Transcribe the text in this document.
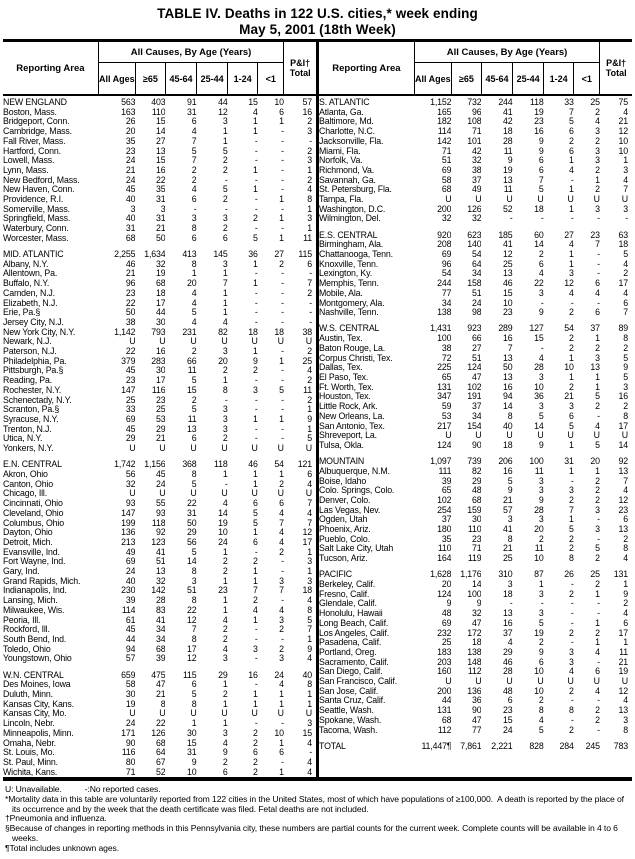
TABLE IV. Deaths in 122 U.S. cities,* week ending
May 5, 2001 (18th Week)
Reporting Area	All Causes, By Age (Years)						P&I†
Total
	All Ages	≥65	45-64	25-44	1-24	<1	
NEW ENGLAND	563	403	91	44	15	10	57
Boston, Mass.	163	110	31	12	4	6	16
Bridgeport, Conn.	26	15	6	3	1	1	2
Cambridge, Mass.	20	14	4	1	1	-	3
Fall River, Mass.	35	27	7	1	-	-	-
Hartford, Conn.	23	13	5	5	-	-	2
Lowell, Mass.	24	15	7	2	-	-	3
Lynn, Mass.	21	16	2	2	1	-	1
New Bedford, Mass.	24	22	2	-	-	-	2
New Haven, Conn.	45	35	4	5	1	-	4
Providence, R.I.	40	31	6	2	-	1	8
Somerville, Mass.	3	3	-	-	-	-	1
Springfield, Mass.	40	31	3	3	2	1	3
Waterbury, Conn.	31	21	8	2	-	-	1
Worcester, Mass.	68	50	6	6	5	1	11

MID. ATLANTIC	2,255	1,634	413	145	36	27	115
Albany, N.Y.	46	32	8	3	1	2	6
Allentown, Pa.	21	19	1	1	-	-	-
Buffalo, N.Y.	96	68	20	7	1	-	7
Camden, N.J.	23	18	4	1	-	-	2
Elizabeth, N.J.	22	17	4	1	-	-	-
Erie, Pa.§	50	44	5	1	-	-	-
Jersey City, N.J.	38	30	4	4	-	-	-
New York City, N.Y.	1,142	793	231	82	18	18	38
Newark, N.J.	U	U	U	U	U	U	U
Paterson, N.J.	22	16	2	3	1	-	2
Philadelphia, Pa.	379	283	66	20	9	1	25
Pittsburgh, Pa.§	45	30	11	2	2	-	4
Reading, Pa.	23	17	5	1	-	-	2
Rochester, N.Y.	147	116	15	8	3	5	11
Schenectady, N.Y.	25	23	2	-	-	-	2
Scranton, Pa.§	33	25	5	3	-	-	1
Syracuse, N.Y.	69	53	11	3	1	1	9
Trenton, N.J.	45	29	13	3	-	-	1
Utica, N.Y.	29	21	6	2	-	-	5
Yonkers, N.Y.	U	U	U	U	U	U	U

E.N. CENTRAL	1,742	1,156	368	118	46	54	121
Akron, Ohio	56	45	8	1	1	1	6
Canton, Ohio	32	24	5	-	1	2	4
Chicago, Ill.	U	U	U	U	U	U	U
Cincinnati, Ohio	93	55	22	4	6	6	7
Cleveland, Ohio	147	93	31	14	5	4	4
Columbus, Ohio	199	118	50	19	5	7	7
Dayton, Ohio	136	92	29	10	1	4	12
Detroit, Mich.	213	123	56	24	6	4	17
Evansville, Ind.	49	41	5	1	-	2	1
Fort Wayne, Ind.	69	51	14	2	2	-	3
Gary, Ind.	24	13	8	2	1	-	1
Grand Rapids, Mich.	40	32	3	1	1	3	3
Indianapolis, Ind.	230	142	51	23	7	7	18
Lansing, Mich.	39	28	8	1	2	-	4
Milwaukee, Wis.	114	83	22	1	4	4	8
Peoria, Ill.	61	41	12	4	1	3	5
Rockford, Ill.	45	34	7	2	-	2	7
South Bend, Ind.	44	34	8	2	-	-	1
Toledo, Ohio	94	68	17	4	3	2	9
Youngstown, Ohio	57	39	12	3	-	3	4

W.N. CENTRAL	659	475	115	29	16	24	40
Des Moines, Iowa	58	47	6	1	-	4	8
Duluth, Minn.	30	21	5	2	1	1	1
Kansas City, Kans.	19	8	8	1	1	1	1
Kansas City, Mo.	U	U	U	U	U	U	U
Lincoln, Nebr.	24	22	1	1	-	-	3
Minneapolis, Minn.	171	126	30	3	2	10	15
Omaha, Nebr.	90	68	15	4	2	1	4
St. Louis, Mo.	116	64	31	9	6	6	-
St. Paul, Minn.	80	67	9	2	2	-	4
Wichita, Kans.	71	52	10	6	2	1	4
Reporting Area	All Causes, By Age (Years)						P&I†
Total
	All Ages	≥65	45-64	25-44	1-24	<1	
S. ATLANTIC	1,152	732	244	118	33	25	75
Atlanta, Ga.	165	96	41	19	7	2	4
Baltimore, Md.	182	108	42	23	5	4	21
Charlotte, N.C.	114	71	18	16	6	3	12
Jacksonville, Fla.	142	101	28	9	2	2	10
Miami, Fla.	71	42	11	9	6	3	10
Norfolk, Va.	51	32	9	6	1	3	1
Richmond, Va.	69	38	19	6	4	2	3
Savannah, Ga.	58	37	13	7	-	1	4
St. Petersburg, Fla.	68	49	11	5	1	2	7
Tampa, Fla.	U	U	U	U	U	U	U
Washington, D.C.	200	126	52	18	1	3	3
Wilmington, Del.	32	32	-	-	-	-	-

E.S. CENTRAL	920	623	185	60	27	23	63
Birmingham, Ala.	208	140	41	14	4	7	18
Chattanooga, Tenn.	69	54	12	2	1	-	5
Knoxville, Tenn.	96	64	25	6	1	-	4
Lexington, Ky.	54	34	13	4	3	-	2
Memphis, Tenn.	244	158	46	22	12	6	17
Mobile, Ala.	77	51	15	3	4	4	4
Montgomery, Ala.	34	24	10	-	-	-	6
Nashville, Tenn.	138	98	23	9	2	6	7

W.S. CENTRAL	1,431	923	289	127	54	37	89
Austin, Tex.	100	66	16	15	2	1	8
Baton Rouge, La.	38	27	7	-	2	2	2
Corpus Christi, Tex.	72	51	13	4	1	3	5
Dallas, Tex.	225	124	50	28	10	13	9
El Paso, Tex.	65	47	13	3	1	1	5
Ft. Worth, Tex.	131	102	16	10	2	1	3
Houston, Tex.	347	191	94	36	21	5	16
Little Rock, Ark.	59	37	14	3	3	2	2
New Orleans, La.	53	34	8	5	6	-	8
San Antonio, Tex.	217	154	40	14	5	4	17
Shreveport, La.	U	U	U	U	U	U	U
Tulsa, Okla.	124	90	18	9	1	5	14

MOUNTAIN	1,097	739	206	100	31	20	92
Albuquerque, N.M.	111	82	16	11	1	1	13
Boise, Idaho	39	29	5	3	-	2	7
Colo. Springs, Colo.	65	48	9	3	3	2	4
Denver, Colo.	102	68	21	9	2	2	12
Las Vegas, Nev.	254	159	57	28	7	3	23
Ogden, Utah	37	30	3	3	1	-	6
Phoenix, Ariz.	180	110	41	20	5	3	13
Pueblo, Colo.	35	23	8	2	2	-	2
Salt Lake City, Utah	110	71	21	11	2	5	8
Tucson, Ariz.	164	119	25	10	8	2	4

PACIFIC	1,628	1,176	310	87	26	25	131
Berkeley, Calif.	20	14	3	1	-	2	1
Fresno, Calif.	124	100	18	3	2	1	9
Glendale, Calif.	9	9	-	-	-	-	2
Honolulu, Hawaii	48	32	13	3	-	-	4
Long Beach, Calif.	69	47	16	5	-	1	6
Los Angeles, Calif.	232	172	37	19	2	2	17
Pasadena, Calif.	25	18	4	2	-	1	1
Portland, Oreg.	183	138	29	9	3	4	11
Sacramento, Calif.	203	148	46	6	3	-	21
San Diego, Calif.	160	112	28	10	4	6	19
San Francisco, Calif.	U	U	U	U	U	U	U
San Jose, Calif.	200	136	48	10	2	4	12
Santa Cruz, Calif.	44	36	6	2	-	-	4
Seattle, Wash.	131	90	23	8	8	2	13
Spokane, Wash.	68	47	15	4	-	2	3
Tacoma, Wash.	112	77	24	5	2	-	8

TOTAL	11,447¶	7,861	2,221	828	284	245	783
U: Unavailable.          -:No reported cases.
*Mortality data in this table are voluntarily reported from 122 cities in the United States, most of which have populations of ≥100,000.  A death is reported by the place of its occurrence and by the week that the death certificate was filed. Fetal deaths are not included.
†Pneumonia and influenza.
§Because of changes in reporting methods in this Pennsylvania city, these numbers are partial counts for the current week. Complete counts will be available in 4 to 6 weeks.
¶Total includes unknown ages.
